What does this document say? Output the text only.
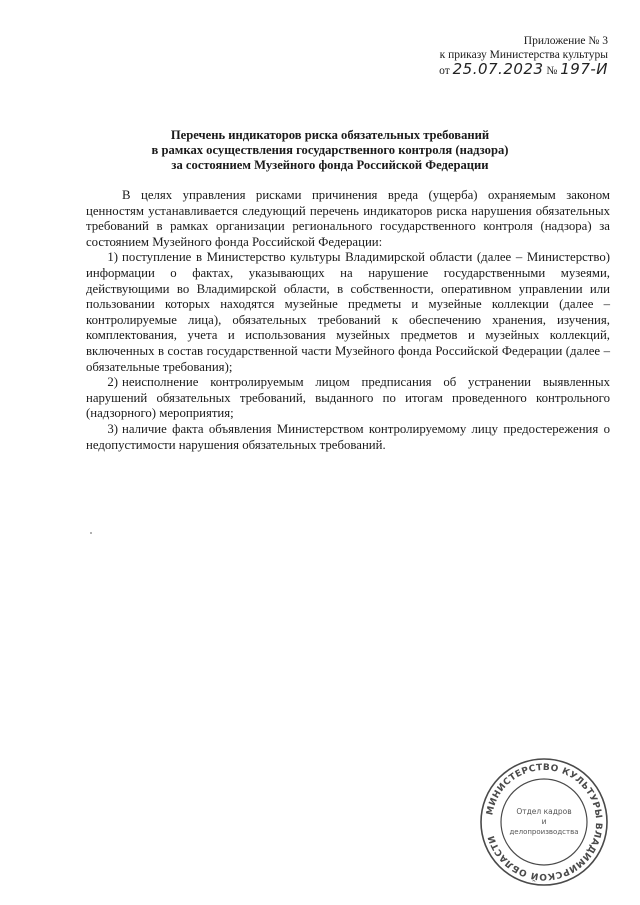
Приложение № 3
к приказу Министерства культуры
от 25.07.2023 № 197-И
Перечень индикаторов риска обязательных требований
в рамках осуществления государственного контроля (надзора)
за состоянием Музейного фонда Российской Федерации

В целях управления рисками причинения вреда (ущерба) охраняемым законом ценностям устанавливается следующий перечень индикаторов риска нарушения обязательных требований в рамках организации регионального государственного контроля (надзора) за состоянием Музейного фонда Российской Федерации:

1) поступление в Министерство культуры Владимирской области (далее – Министерство) информации о фактах, указывающих на нарушение государственными музеями, действующими во Владимирской области, в собственности, оперативном управлении или пользовании которых находятся музейные предметы и музейные коллекции (далее – контролируемые лица), обязательных требований к обеспечению хранения, изучения, комплектования, учета и использования музейных предметов и музейных коллекций, включенных в состав государственной части Музейного фонда Российской Федерации (далее – обязательные требования);

2) неисполнение контролируемым лицом предписания об устранении выявленных нарушений обязательных требований, выданного по итогам проведенного контрольного (надзорного) мероприятия;

3) наличие факта объявления Министерством контролируемому лицу предостережения о недопустимости нарушения обязательных требований.

МИНИСТЕРСТВО КУЛЬТУРЫ ВЛАДИМИРСКОЙ ОБЛАСТИ
Отдел кадров
и
делопроизводства
